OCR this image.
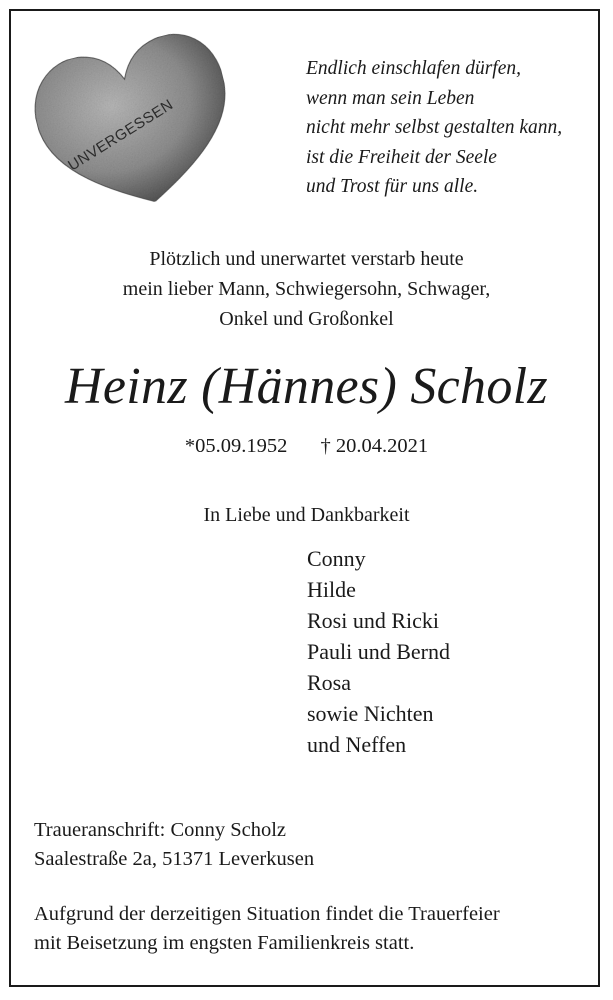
UNVERGESSEN
Endlich einschlafen dürfen,
wenn man sein Leben
nicht mehr selbst gestalten kann,
ist die Freiheit der Seele
und Trost für uns alle.
Plötzlich und unerwartet verstarb heute
mein lieber Mann, Schwiegersohn, Schwager,
Onkel und Großonkel
Heinz (Hännes) Scholz
*05.09.1952 † 20.04.2021
In Liebe und Dankbarkeit
Conny
Hilde
Rosi und Ricki
Pauli und Bernd
Rosa
sowie Nichten
und Neffen
Traueranschrift: Conny Scholz
Saalestraße 2a, 51371 Leverkusen
Aufgrund der derzeitigen Situation findet die Trauerfeier
mit Beisetzung im engsten Familienkreis statt.
